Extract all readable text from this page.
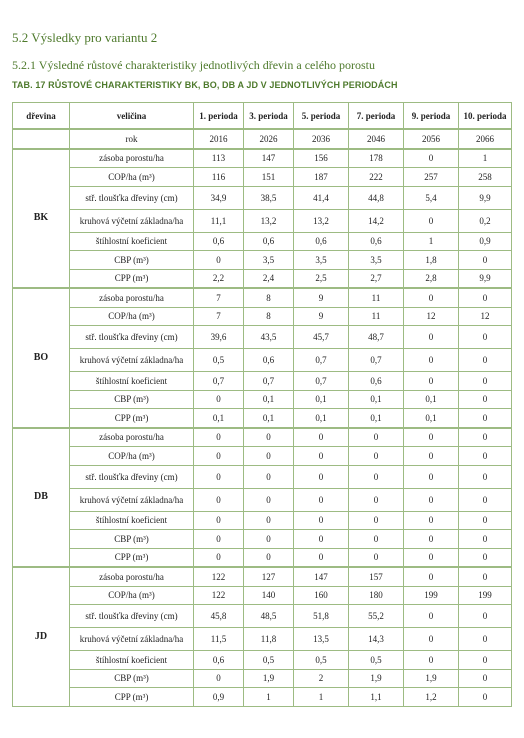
5.2 Výsledky pro variantu 2
5.2.1 Výsledné růstové charakteristiky jednotlivých dřevin a celého porostu
TAB. 17 RŮSTOVÉ CHARAKTERISTIKY BK, BO, DB A JD V JEDNOTLIVÝCH PERIODÁCH
dřevina	veličina	1. perioda	3. perioda	5. perioda	7. perioda	9. perioda	10. perioda
	rok	2016	2026	2036	2046	2056	2066
BK	zásoba porostu/ha	113	147	156	178	0	1
	COP/ha (m³)	116	151	187	222	257	258
	stř. tloušťka dřeviny (cm)	34,9	38,5	41,4	44,8	5,4	9,9
	kruhová výčetní základna/ha	11,1	13,2	13,2	14,2	0	0,2
	štíhlostní koeficient	0,6	0,6	0,6	0,6	1	0,9
	CBP (m³)	0	3,5	3,5	3,5	1,8	0
	CPP (m³)	2,2	2,4	2,5	2,7	2,8	9,9
BO	zásoba porostu/ha	7	8	9	11	0	0
	COP/ha (m³)	7	8	9	11	12	12
	stř. tloušťka dřeviny (cm)	39,6	43,5	45,7	48,7	0	0
	kruhová výčetní základna/ha	0,5	0,6	0,7	0,7	0	0
	štíhlostní koeficient	0,7	0,7	0,7	0,6	0	0
	CBP (m³)	0	0,1	0,1	0,1	0,1	0
	CPP (m³)	0,1	0,1	0,1	0,1	0,1	0
DB	zásoba porostu/ha	0	0	0	0	0	0
	COP/ha (m³)	0	0	0	0	0	0
	stř. tloušťka dřeviny (cm)	0	0	0	0	0	0
	kruhová výčetní základna/ha	0	0	0	0	0	0
	štíhlostní koeficient	0	0	0	0	0	0
	CBP (m³)	0	0	0	0	0	0
	CPP (m³)	0	0	0	0	0	0
JD	zásoba porostu/ha	122	127	147	157	0	0
	COP/ha (m³)	122	140	160	180	199	199
	stř. tloušťka dřeviny (cm)	45,8	48,5	51,8	55,2	0	0
	kruhová výčetní základna/ha	11,5	11,8	13,5	14,3	0	0
	štíhlostní koeficient	0,6	0,5	0,5	0,5	0	0
	CBP (m³)	0	1,9	2	1,9	1,9	0
	CPP (m³)	0,9	1	1	1,1	1,2	0
